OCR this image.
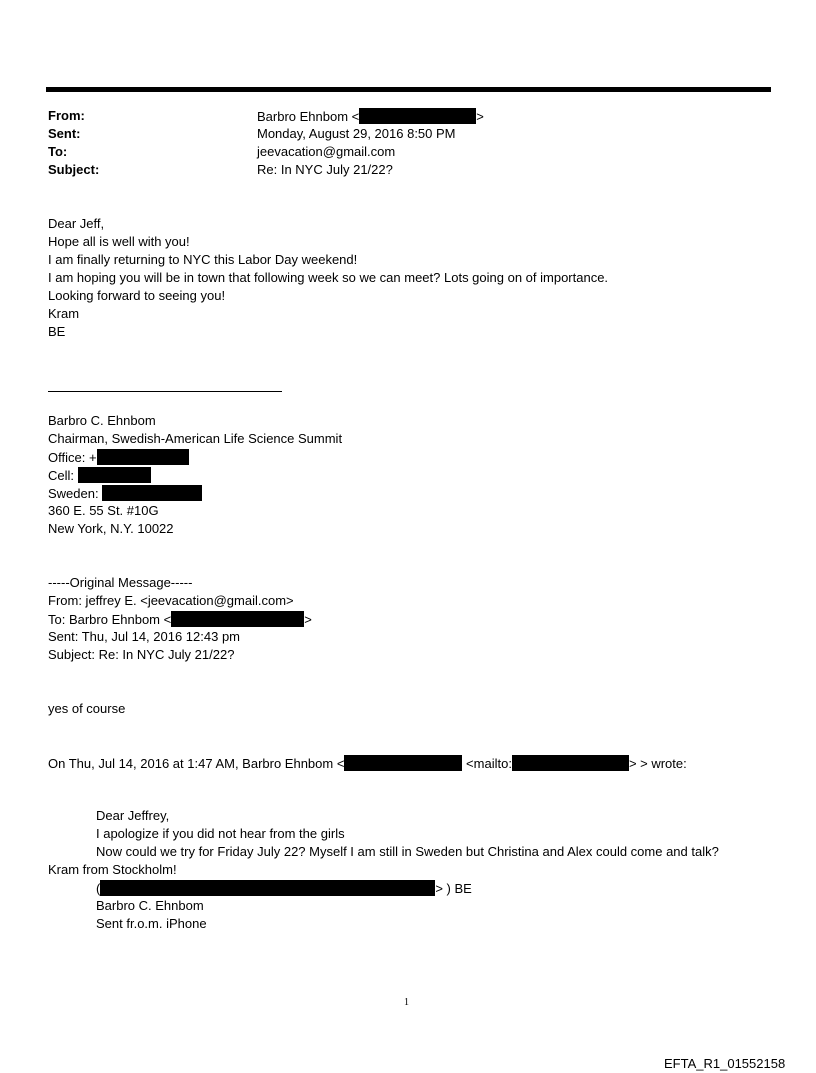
From:	Barbro Ehnbom <	>
Sent:	Monday, August 29, 2016 8:50 PM
To:	jeevacation@gmail.com
Subject:	Re: In NYC July 21/22?
Dear Jeff,
Hope all is well with you!
I am finally returning to NYC this Labor Day weekend!
I am hoping you will be in town that following week so we can meet? Lots going on of importance.
Looking forward to seeing you!
Kram
BE
Barbro C. Ehnbom
Chairman, Swedish-American Life Science Summit
Office: +
Cell:
Sweden:
360 E. 55 St. #10G
New York, N.Y. 10022
-----Original Message-----
From: jeffrey E. <jeevacation@gmail.com>
To: Barbro Ehnbom <	>
Sent: Thu, Jul 14, 2016 12:43 pm
Subject: Re: In NYC July 21/22?
yes of course
On Thu, Jul 14, 2016 at 1:47 AM, Barbro Ehnbom <	<mailto:	> > wrote:
Dear Jeffrey,
I apologize if you did not hear from the girls
Now could we try for Friday July 22? Myself I am still in Sweden but Christina and Alex could come and talk?
Kram from Stockholm!
(	> ) BE
Barbro C. Ehnbom
Sent fr.o.m. iPhone
1
EFTA_R1_01552158
